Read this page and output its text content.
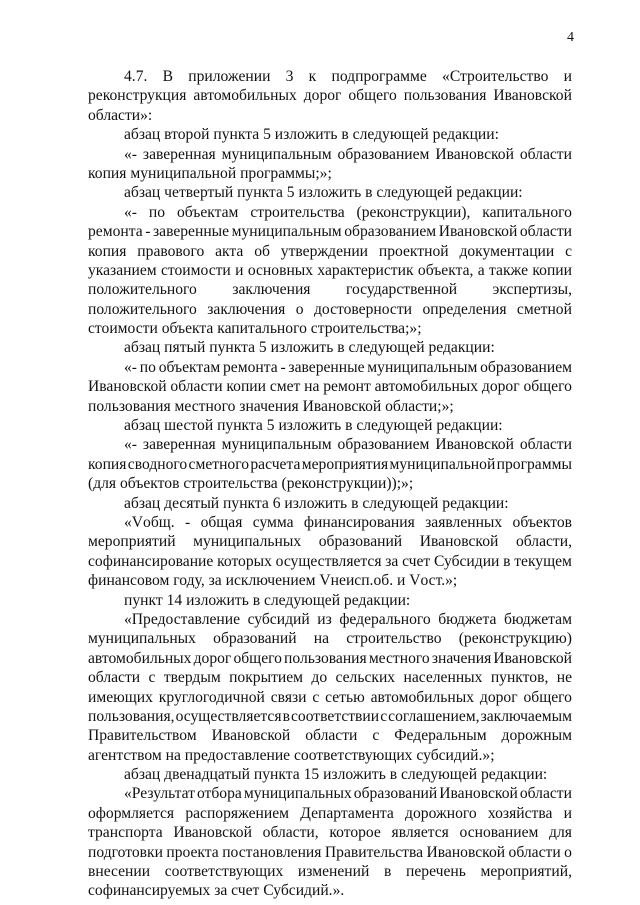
4
4.7. В приложении 3 к подпрограмме «Строительство и
реконструкция автомобильных дорог общего пользования Ивановской
области»:
абзац второй пункта 5 изложить в следующей редакции:
«- заверенная муниципальным образованием Ивановской области
копия муниципальной программы;»;
абзац четвертый пункта 5 изложить в следующей редакции:
«- по объектам строительства (реконструкции), капитального
ремонта - заверенные муниципальным образованием Ивановской области
копия правового акта об утверждении проектной документации с
указанием стоимости и основных характеристик объекта, а также копии
положительного заключения государственной экспертизы,
положительного заключения о достоверности определения сметной
стоимости объекта капитального строительства;»;
абзац пятый пункта 5 изложить в следующей редакции:
«- по объектам ремонта - заверенные муниципальным образованием
Ивановской области копии смет на ремонт автомобильных дорог общего
пользования местного значения Ивановской области;»;
абзац шестой пункта 5 изложить в следующей редакции:
«- заверенная муниципальным образованием Ивановской области
копия сводного сметного расчета мероприятия муниципальной программы
(для объектов строительства (реконструкции));»;
абзац десятый пункта 6 изложить в следующей редакции:
«Vобщ. - общая сумма финансирования заявленных объектов
мероприятий муниципальных образований Ивановской области,
софинансирование которых осуществляется за счет Субсидии в текущем
финансовом году, за исключением Vнеисп.об. и Vост.»;
пункт 14 изложить в следующей редакции:
«Предоставление субсидий из федерального бюджета бюджетам
муниципальных образований на строительство (реконструкцию)
автомобильных дорог общего пользования местного значения Ивановской
области с твердым покрытием до сельских населенных пунктов, не
имеющих круглогодичной связи с сетью автомобильных дорог общего
пользования, осуществляется в соответствии с соглашением, заключаемым
Правительством Ивановской области с Федеральным дорожным
агентством на предоставление соответствующих субсидий.»;
абзац двенадцатый пункта 15 изложить в следующей редакции:
«Результат отбора муниципальных образований Ивановской области
оформляется распоряжением Департамента дорожного хозяйства и
транспорта Ивановской области, которое является основанием для
подготовки проекта постановления Правительства Ивановской области о
внесении соответствующих изменений в перечень мероприятий,
софинансируемых за счет Субсидий.».
